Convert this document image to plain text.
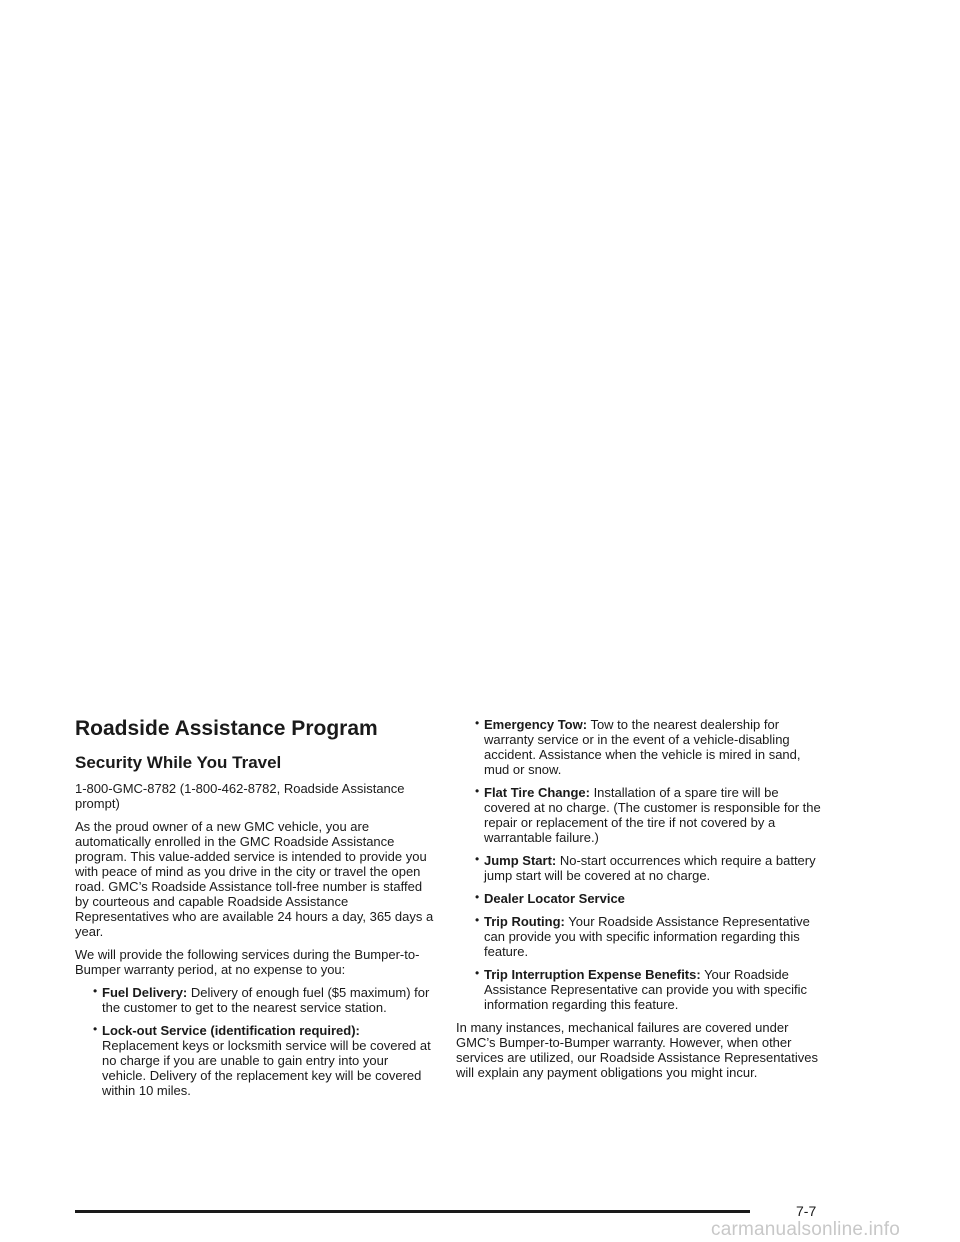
Roadside Assistance Program
Security While You Travel

1-800-GMC-8782 (1-800-462-8782, Roadside Assistance prompt)

As the proud owner of a new GMC vehicle, you are automatically enrolled in the GMC Roadside Assistance program. This value-added service is intended to provide you with peace of mind as you drive in the city or travel the open road. GMC’s Roadside Assistance toll-free number is staffed by courteous and capable Roadside Assistance Representatives who are available 24 hours a day, 365 days a year.

We will provide the following services during the Bumper-to-Bumper warranty period, at no expense to you:

• Fuel Delivery: Delivery of enough fuel ($5 maximum) for the customer to get to the nearest service station.
• Lock-out Service (identification required): Replacement keys or locksmith service will be covered at no charge if you are unable to gain entry into your vehicle. Delivery of the replacement key will be covered within 10 miles.
• Emergency Tow: Tow to the nearest dealership for warranty service or in the event of a vehicle-disabling accident. Assistance when the vehicle is mired in sand, mud or snow.
• Flat Tire Change: Installation of a spare tire will be covered at no charge. (The customer is responsible for the repair or replacement of the tire if not covered by a warrantable failure.)
• Jump Start: No-start occurrences which require a battery jump start will be covered at no charge.
• Dealer Locator Service
• Trip Routing: Your Roadside Assistance Representative can provide you with specific information regarding this feature.
• Trip Interruption Expense Benefits: Your Roadside Assistance Representative can provide you with specific information regarding this feature.

In many instances, mechanical failures are covered under GMC’s Bumper-to-Bumper warranty. However, when other services are utilized, our Roadside Assistance Representatives will explain any payment obligations you might incur.

7-7
carmanualsonline.info
